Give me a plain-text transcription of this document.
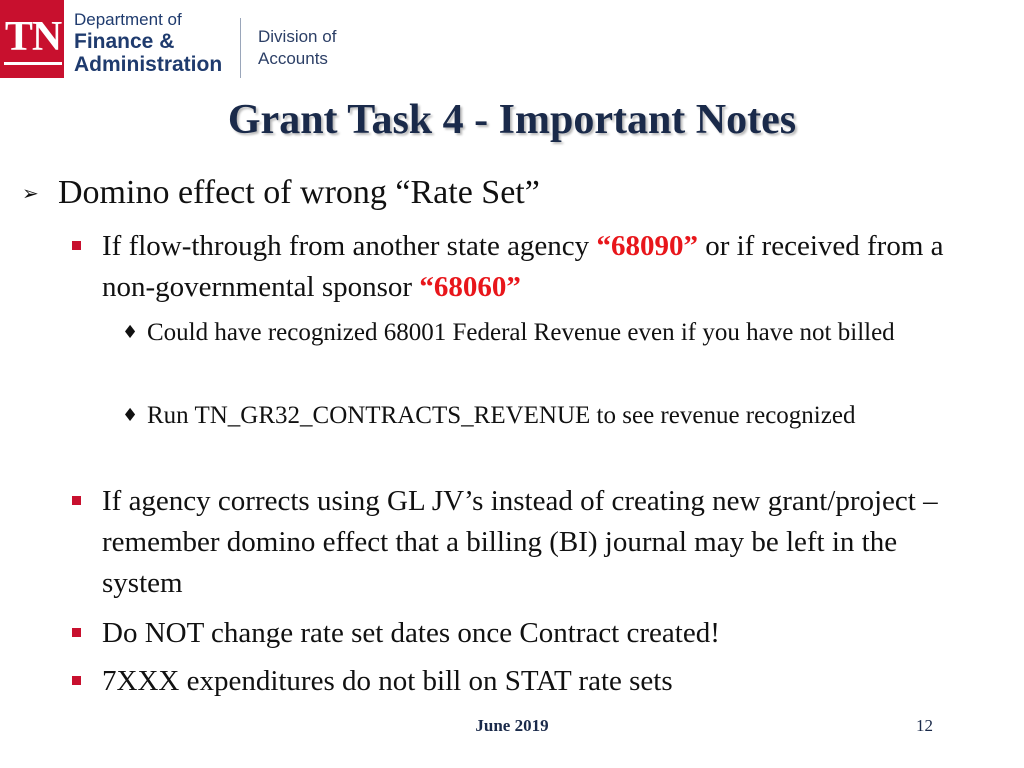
TN Department of
Finance &
Administration
Division of
Accounts
Grant Task 4 - Important Notes
➢ Domino effect of wrong “Rate Set”
If flow-through from another state agency “68090” or if received from a non-governmental sponsor “68060”
♦ Could have recognized 68001 Federal Revenue even if you have not billed
♦ Run TN_GR32_CONTRACTS_REVENUE to see revenue recognized
If agency corrects using GL JV’s instead of creating new grant/project – remember domino effect that a billing (BI) journal may be left in the system
Do NOT change rate set dates once Contract created!
7XXX expenditures do not bill on STAT rate sets
June 2019	12
